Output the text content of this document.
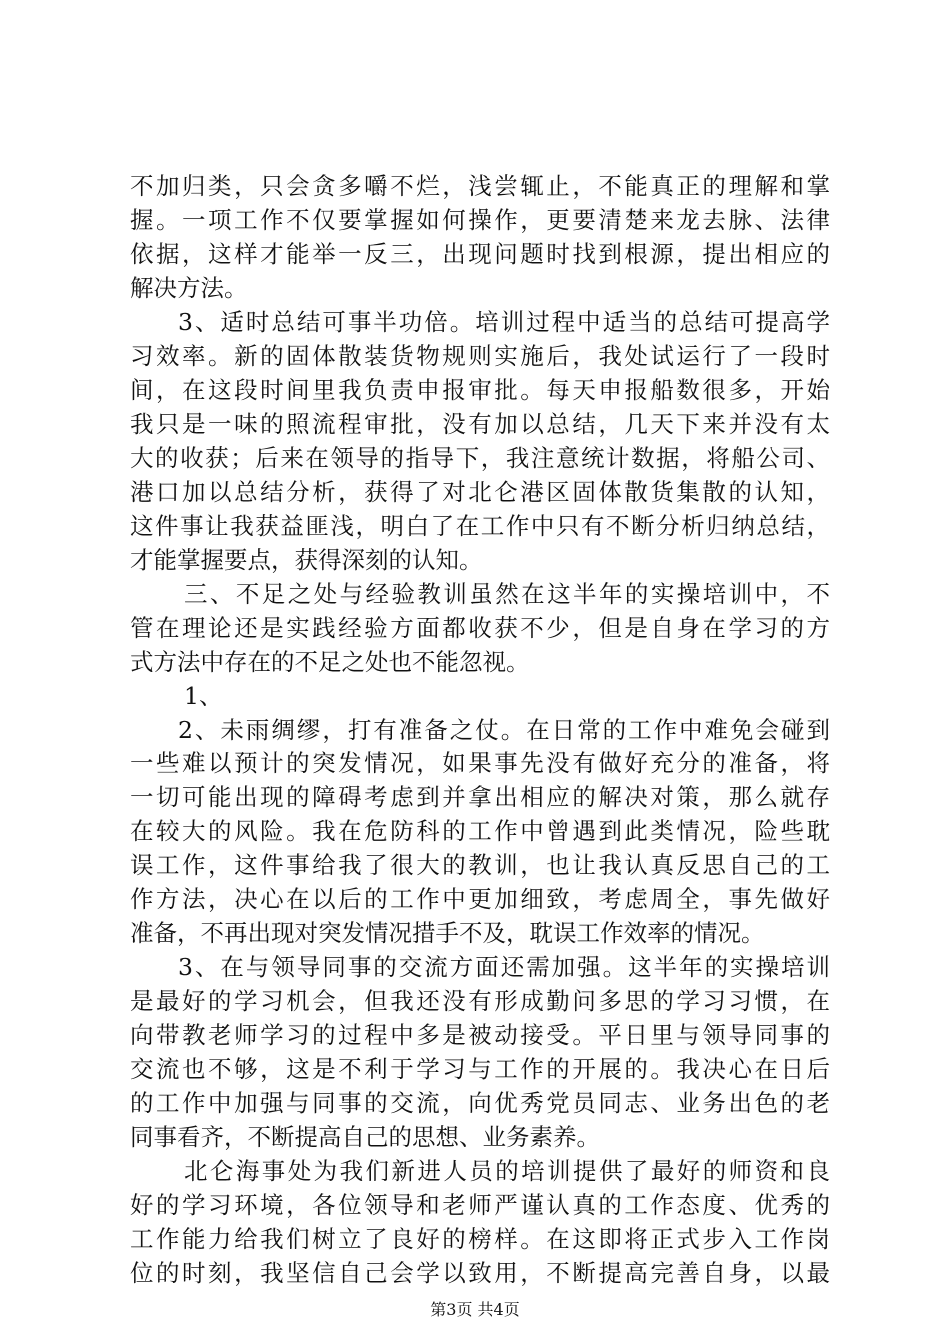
不加归类，只会贪多嚼不烂，浅尝辄止，不能真正的理解和掌
握。一项工作不仅要掌握如何操作，更要清楚来龙去脉、法律
依据，这样才能举一反三，出现问题时找到根源，提出相应的
解决方法。
3、适时总结可事半功倍。培训过程中适当的总结可提高学
习效率。新的固体散装货物规则实施后，我处试运行了一段时
间，在这段时间里我负责申报审批。每天申报船数很多，开始
我只是一味的照流程审批，没有加以总结，几天下来并没有太
大的收获；后来在领导的指导下，我注意统计数据，将船公司、
港口加以总结分析，获得了对北仑港区固体散货集散的认知，
这件事让我获益匪浅，明白了在工作中只有不断分析归纳总结，
才能掌握要点，获得深刻的认知。
三、不足之处与经验教训虽然在这半年的实操培训中，不
管在理论还是实践经验方面都收获不少，但是自身在学习的方
式方法中存在的不足之处也不能忽视。
1、
2、未雨绸缪，打有准备之仗。在日常的工作中难免会碰到
一些难以预计的突发情况，如果事先没有做好充分的准备，将
一切可能出现的障碍考虑到并拿出相应的解决对策，那么就存
在较大的风险。我在危防科的工作中曾遇到此类情况，险些耽
误工作，这件事给我了很大的教训，也让我认真反思自己的工
作方法，决心在以后的工作中更加细致，考虑周全，事先做好
准备，不再出现对突发情况措手不及，耽误工作效率的情况。
3、在与领导同事的交流方面还需加强。这半年的实操培训
是最好的学习机会，但我还没有形成勤问多思的学习习惯，在
向带教老师学习的过程中多是被动接受。平日里与领导同事的
交流也不够，这是不利于学习与工作的开展的。我决心在日后
的工作中加强与同事的交流，向优秀党员同志、业务出色的老
同事看齐，不断提高自己的思想、业务素养。
北仑海事处为我们新进人员的培训提供了最好的师资和良
好的学习环境，各位领导和老师严谨认真的工作态度、优秀的
工作能力给我们树立了良好的榜样。在这即将正式步入工作岗
位的时刻，我坚信自己会学以致用，不断提高完善自身，以最
第3页 共4页
